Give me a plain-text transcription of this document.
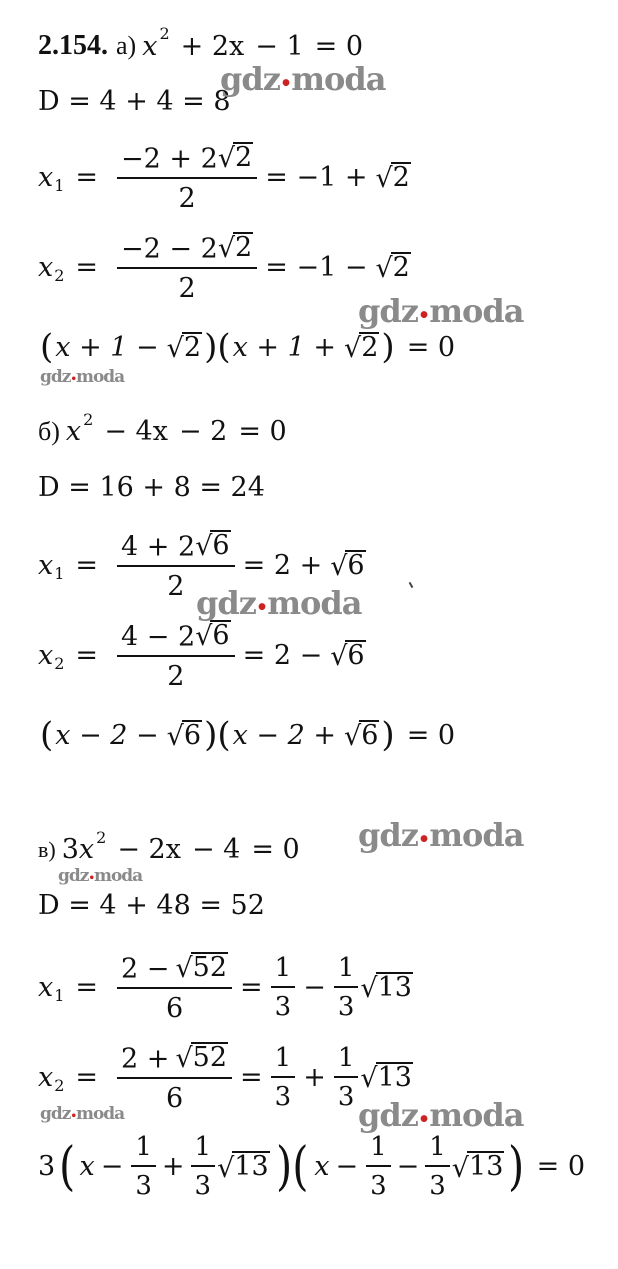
2.154. а) x 2 + 2x − 1 = 0
D = 4 + 4 = 8
x $1 = \frac{-2 + 2 √ 2}{2} = -1$ + √ 2
x $2 = \frac{-2 - 2 √ 2}{2} = -1$ − √ 2
( x + 1 − √ 2 )( x + 1 + √ 2 ) = 0
б) x 2 − 4x − 2 = 0
D = 16 + 8 = 24
x $1 = \frac{4 + 2 √ 6}{2} = 2$ + √ 6
x $2 = \frac{4 - 2 √ 6}{2} = 2$ − √ 6
( x − 2 − √ 6 )( x − 2 + √ 6 ) = 0
в) 3 x 2 − 2x − 4 = 0
D = 4 + 48 = 52
x $1 = \frac{2 - √ 52}{6} = \frac{1}{3} - \frac{1}{3}$ √ 13
x $2 = \frac{2 + √ 52}{6} = \frac{1}{3} + \frac{1}{3}$ √ 13
3 ( $x - \frac{1}{3} + \frac{1}{3}$ √ 13 )( $x - \frac{1}{3} - \frac{1}{3}$ √ 13 ) = 0
gdz•moda
gdz•moda
gdz•moda
gdz•moda
gdz•moda
gdz•moda
gdz•moda	gdz•moda
